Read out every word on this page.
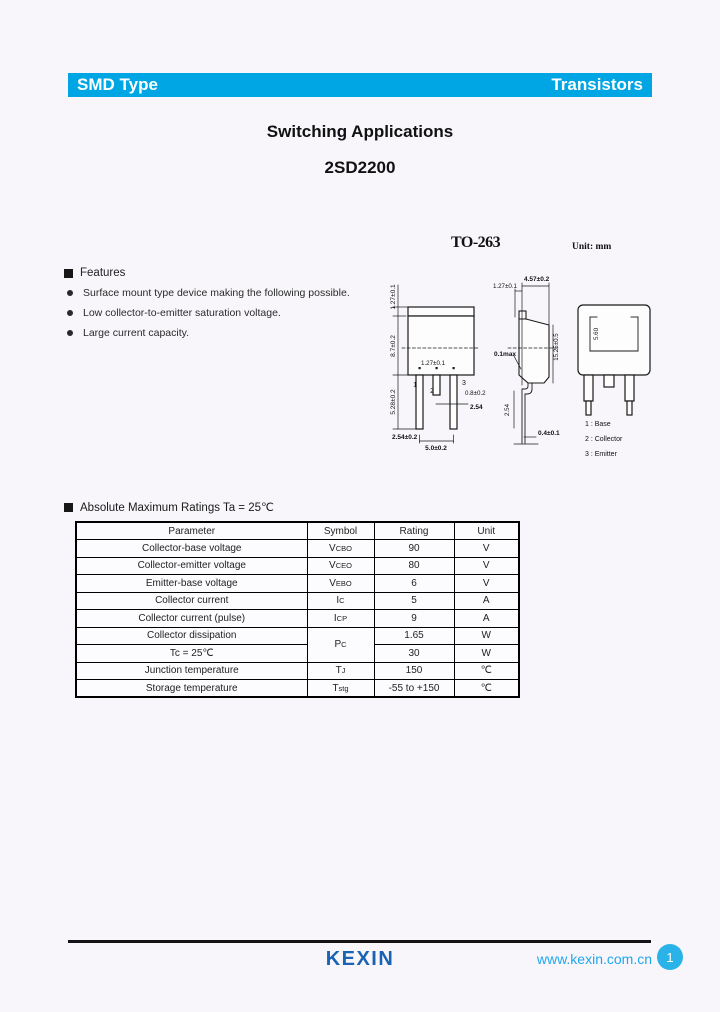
SMD Type	Transistors
Switching Applications
2SD2200
Features
Surface mount type device making the following possible.
Low collector-to-emitter saturation voltage.
Large current capacity.
TO-263	Unit: mm
1.27±0.1
8.7±0.2
5.28±0.2
1.27±0.1
1
2
3
0.8±0.2
2.54
2.54±0.2
5.0±0.2
1.27±0.1
4.57±0.2
0.1max	15.25±0.5
2.54
0.4±0.1
5.60
1 : Base
2 : Collector
3 : Emitter
Absolute Maximum Ratings Ta = 25℃
Parameter	Symbol	Rating	Unit
Collector-base voltage	VCBO	90	V
Collector-emitter voltage	VCEO	80	V
Emitter-base voltage	VEBO	6	V
Collector current	IC	5	A
Collector current (pulse)	ICP	9	A
Collector dissipation	PC	1.65	W
Tc = 25℃		30	W
Junction temperature	TJ	150	℃
Storage temperature	Tstg	-55 to +150	℃
KEXIN	www.kexin.com.cn	1
